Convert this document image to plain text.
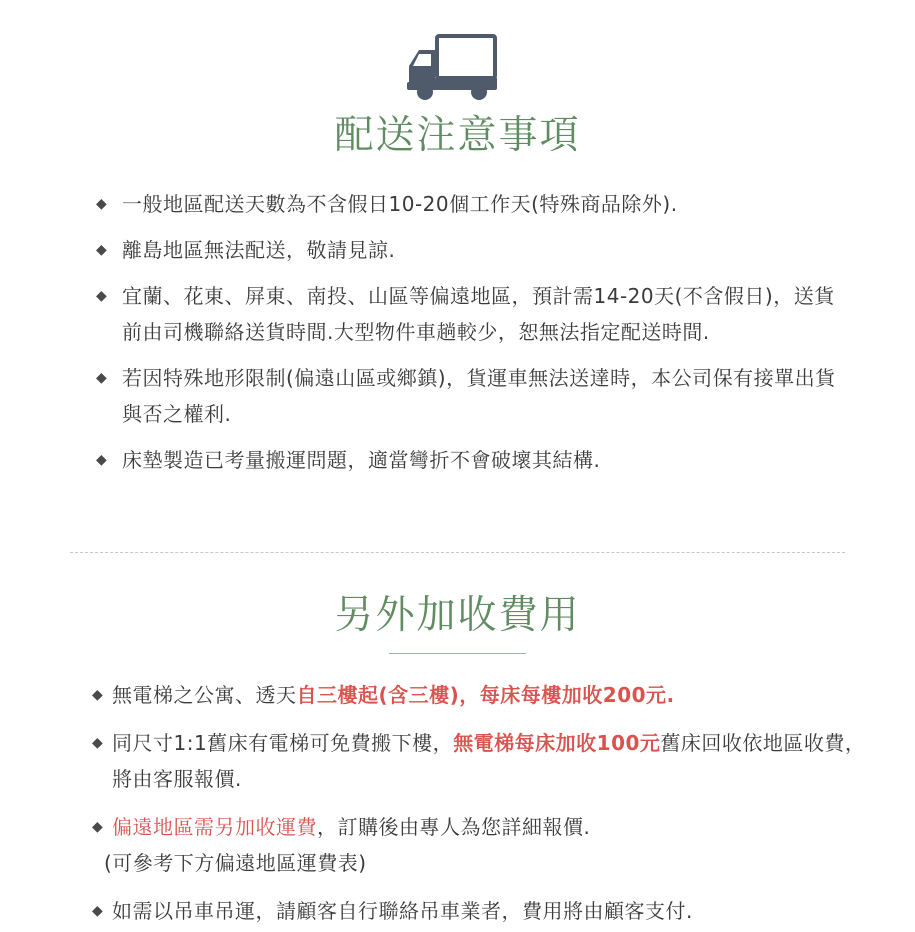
配送注意事項
◆ 一般地區配送天數為不含假日10-20個工作天(特殊商品除外).
◆ 離島地區無法配送，敬請見諒.
◆ 宜蘭、花東、屏東、南投、山區等偏遠地區，預計需14-20天(不含假日)，送貨前由司機聯絡送貨時間.大型物件車趟較少，恕無法指定配送時間.
◆ 若因特殊地形限制(偏遠山區或鄉鎮)，貨運車無法送達時，本公司保有接單出貨與否之權利.
◆ 床墊製造已考量搬運問題，適當彎折不會破壞其結構.
另外加收費用
◆ 無電梯之公寓、透天自三樓起(含三樓)，每床每樓加收200元.
◆ 同尺寸1:1舊床有電梯可免費搬下樓，無電梯每床加收100元舊床回收依地區收費，將由客服報價.
◆ 偏遠地區需另加收運費，訂購後由專人為您詳細報價.
(可參考下方偏遠地區運費表)
◆ 如需以吊車吊運，請顧客自行聯絡吊車業者，費用將由顧客支付.
